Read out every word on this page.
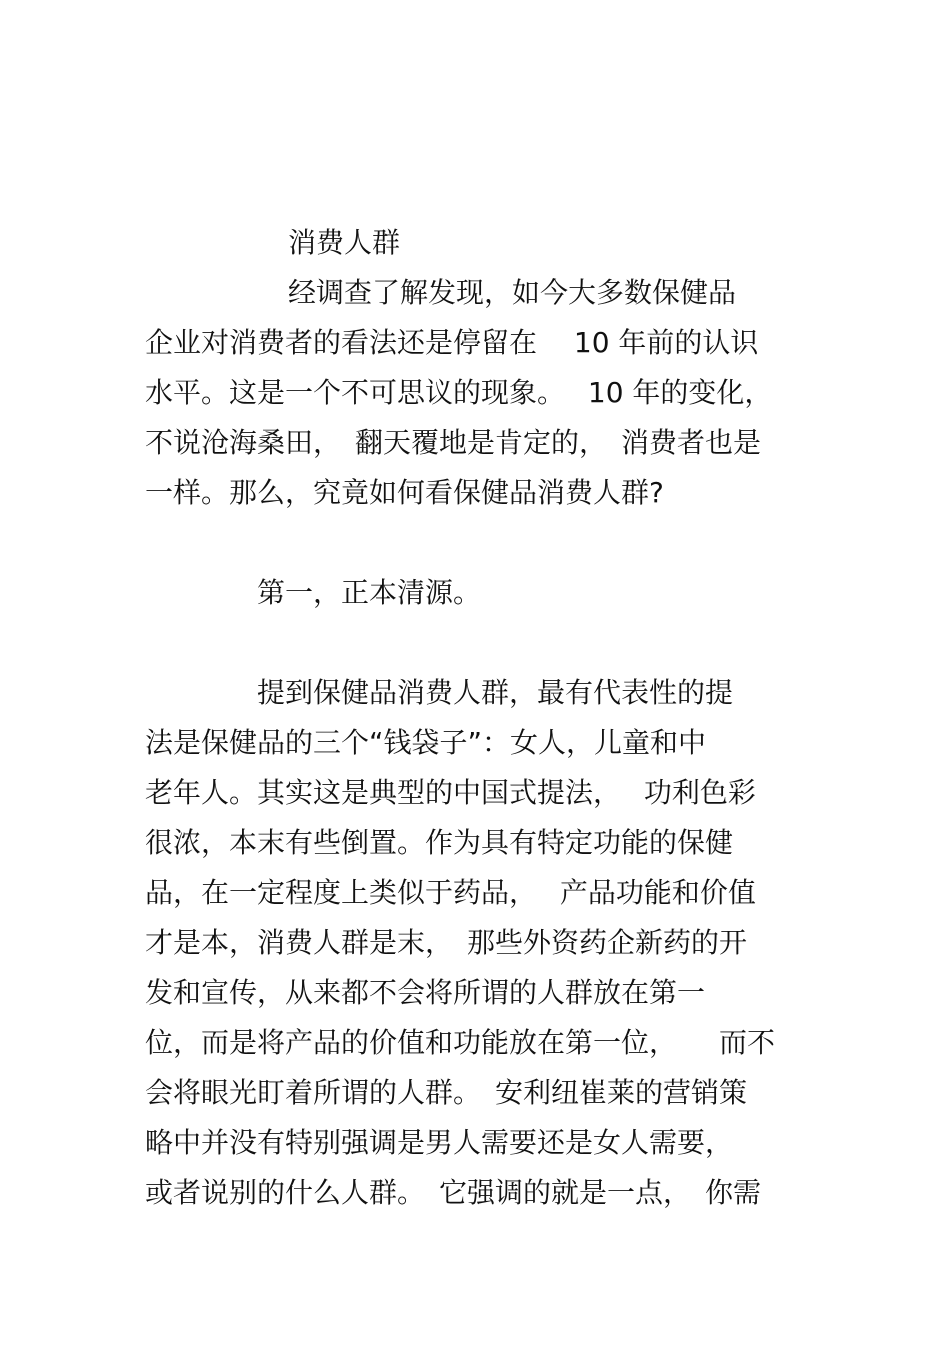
消费人群
经调查了解发现，如今大多数保健品
企业对消费者的看法还是停留在　 10 年前的认识
水平。这是一个不可思议的现象。　 10 年的变化，
不说沧海桑田，　翻天覆地是肯定的，　消费者也是
一样。那么，究竟如何看保健品消费人群?
第一，正本清源。
提到保健品消费人群，最有代表性的提
法是保健品的三个“钱袋子”：女人，儿童和中
老年人。其实这是典型的中国式提法，　 功利色彩
很浓，本末有些倒置。作为具有特定功能的保健
品，在一定程度上类似于药品，　 产品功能和价值
才是本，消费人群是末，　那些外资药企新药的开
发和宣传，从来都不会将所谓的人群放在第一
位，而是将产品的价值和功能放在第一位，　　而不
会将眼光盯着所谓的人群。　安利纽崔莱的营销策
略中并没有特别强调是男人需要还是女人需要，
或者说别的什么人群。　它强调的就是一点，　你需
